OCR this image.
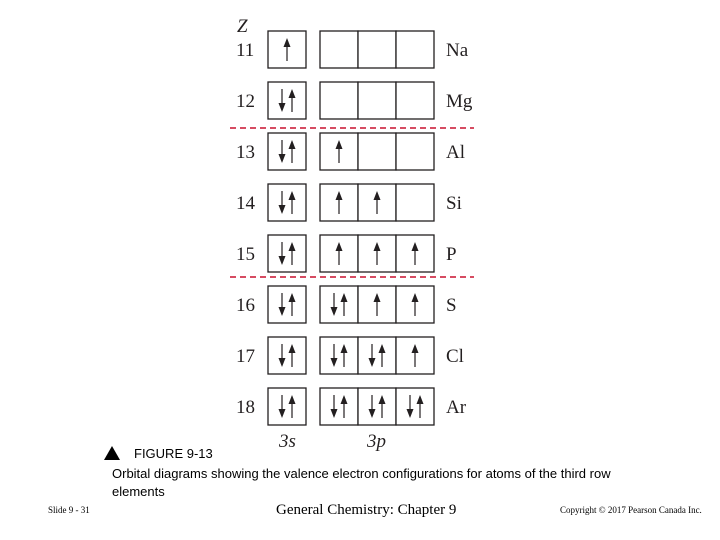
Z
11	Na
12	Mg
13	Al
14	Si
15	P
16	S
17	Cl
18	Ar
3s	3p
FIGURE 9-13
Orbital diagrams showing the valence electron configurations for atoms of the third row elements
Slide 9 - 31	General Chemistry: Chapter 9	Copyright © 2017 Pearson Canada Inc.
